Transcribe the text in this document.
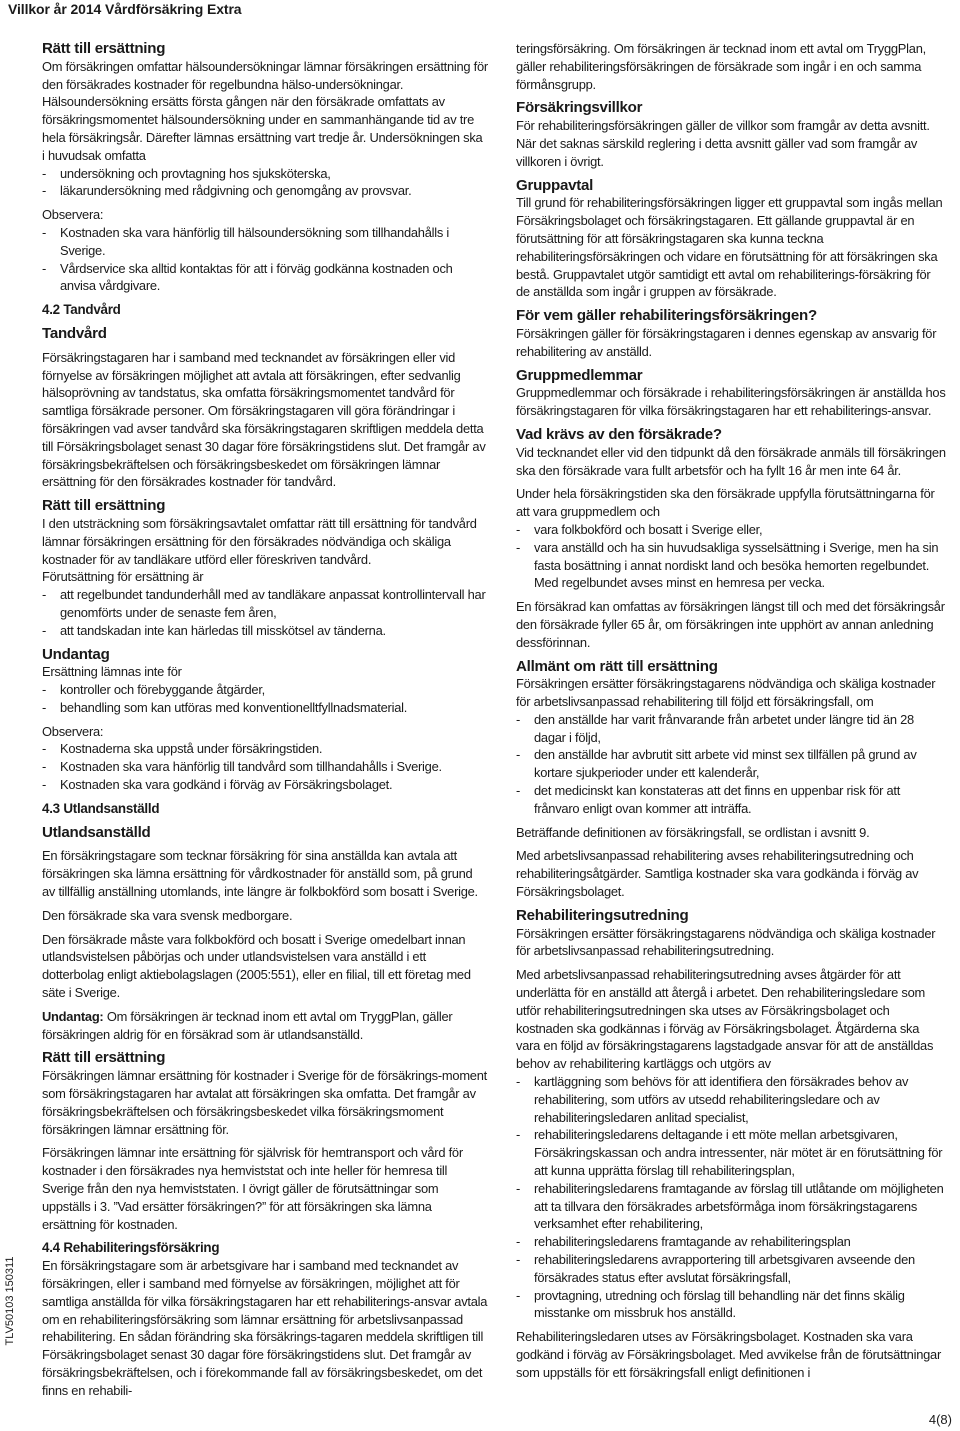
Villkor år 2014 Vårdförsäkring Extra
Rätt till ersättning

Om försäkringen omfattar hälsoundersökningar lämnar försäkringen ersättning för den försäkrades kostnader för regelbundna hälso-undersökningar. Hälsoundersökning ersätts första gången när den försäkrade omfattats av försäkringsmomentet hälsoundersökning under en sammanhängande tid av tre hela försäkringsår. Därefter lämnas ersättning vart tredje år. Undersökningen ska i huvudsak omfatta

- undersökning och provtagning hos sjuksköterska,
- läkarundersökning med rådgivning och genomgång av provsvar.

Observera:

- Kostnaden ska vara hänförlig till hälsoundersökning som tillhandahålls i Sverige.
- Vårdservice ska alltid kontaktas för att i förväg godkänna kostnaden och anvisa vårdgivare.
4.2 Tandvård
Tandvård

Försäkringstagaren har i samband med tecknandet av försäkringen eller vid förnyelse av försäkringen möjlighet att avtala att försäkringen, efter sedvanlig hälsoprövning av tandstatus, ska omfatta försäkringsmomentet tandvård för samtliga försäkrade personer. Om försäkringstagaren vill göra förändringar i försäkringen vad avser tandvård ska försäkringstagaren skriftligen meddela detta till Försäkringsbolaget senast 30 dagar före försäkringstidens slut. Det framgår av försäkringsbekräftelsen och försäkringsbeskedet om försäkringen lämnar ersättning för den försäkrades kostnader för tandvård.

Rätt till ersättning

I den utsträckning som försäkringsavtalet omfattar rätt till ersättning för tandvård lämnar försäkringen ersättning för den försäkrades nödvändiga och skäliga kostnader för av tandläkare utförd eller föreskriven tandvård.

Förutsättning för ersättning är

- att regelbundet tandunderhåll med av tandläkare anpassat kontrollintervall har genomförts under de senaste fem åren,
- att tandskadan inte kan härledas till misskötsel av tänderna.
Undantag

Ersättning lämnas inte för

- kontroller och förebyggande åtgärder,
- behandling som kan utföras med konventionelltfyllnadsmaterial.

Observera:

- Kostnaderna ska uppstå under försäkringstiden.
- Kostnaden ska vara hänförlig till tandvård som tillhandahålls i Sverige.
- Kostnaden ska vara godkänd i förväg av Försäkringsbolaget.
4.3 Utlandsanställd
Utlandsanställd

En försäkringstagare som tecknar försäkring för sina anställda kan avtala att försäkringen ska lämna ersättning för vårdkostnader för anställd som, på grund av tillfällig anställning utomlands, inte längre är folkbokförd som bosatt i Sverige.

Den försäkrade ska vara svensk medborgare.

Den försäkrade måste vara folkbokförd och bosatt i Sverige omedelbart innan utlandsvistelsen påbörjas och under utlandsvistelsen vara anställd i ett dotterbolag enligt aktiebolagslagen (2005:551), eller en filial, till ett företag med säte i Sverige.

Undantag: Om försäkringen är tecknad inom ett avtal om TryggPlan, gäller försäkringen aldrig för en försäkrad som är utlandsanställd.

Rätt till ersättning

Försäkringen lämnar ersättning för kostnader i Sverige för de försäkrings-moment som försäkringstagaren har avtalat att försäkringen ska omfatta. Det framgår av försäkringsbekräftelsen och försäkringsbeskedet vilka försäkringsmoment försäkringen lämnar ersättning för.

Försäkringen lämnar inte ersättning för självrisk för hemtransport och vård för kostnader i den försäkrades nya hemviststat och inte heller för hemresa till Sverige från den nya hemviststaten. I övrigt gäller de förutsättningar som uppställs i 3. ”Vad ersätter försäkringen?” för att försäkringen ska lämna ersättning för kostnaden.

4.4 Rehabiliteringsförsäkring

En försäkringstagare som är arbetsgivare har i samband med tecknandet av försäkringen, eller i samband med förnyelse av försäkringen, möjlighet att för samtliga anställda för vilka försäkringstagaren har ett rehabiliterings-ansvar avtala om en rehabiliteringsförsäkring som lämnar ersättning för arbetslivsanpassad rehabilitering. En sådan förändring ska försäkrings-tagaren meddela skriftligen till Försäkringsbolaget senast 30 dagar före försäkringstidens slut. Det framgår av försäkringsbekräftelsen, och i förekommande fall av försäkringsbeskedet, om det finns en rehabili-

teringsförsäkring. Om försäkringen är tecknad inom ett avtal om TryggPlan, gäller rehabiliteringsförsäkringen de försäkrade som ingår i en och samma förmånsgrupp.

Försäkringsvillkor

För rehabiliteringsförsäkringen gäller de villkor som framgår av detta avsnitt. När det saknas särskild reglering i detta avsnitt gäller vad som framgår av villkoren i övrigt.

Gruppavtal

Till grund för rehabiliteringsförsäkringen ligger ett gruppavtal som ingås mellan Försäkringsbolaget och försäkringstagaren. Ett gällande gruppavtal är en förutsättning för att försäkringstagaren ska kunna teckna rehabiliteringsförsäkringen och vidare en förutsättning för att försäkringen ska bestå. Gruppavtalet utgör samtidigt ett avtal om rehabiliterings-försäkring för de anställda som ingår i gruppen av försäkrade.

För vem gäller rehabiliteringsförsäkringen?

Försäkringen gäller för försäkringstagaren i dennes egenskap av ansvarig för rehabilitering av anställd.

Gruppmedlemmar

Gruppmedlemmar och försäkrade i rehabiliteringsförsäkringen är anställda hos försäkringstagaren för vilka försäkringstagaren har ett rehabiliterings-ansvar.

Vad krävs av den försäkrade?

Vid tecknandet eller vid den tidpunkt då den försäkrade anmäls till försäkringen ska den försäkrade vara fullt arbetsför och ha fyllt 16 år men inte 64 år.

Under hela försäkringstiden ska den försäkrade uppfylla förutsättningarna för att vara gruppmedlem och

- vara folkbokförd och bosatt i Sverige eller,
- vara anställd och ha sin huvudsakliga sysselsättning i Sverige, men ha sin fasta bosättning i annat nordiskt land och besöka hemorten regelbundet. Med regelbundet avses minst en hemresa per vecka.

En försäkrad kan omfattas av försäkringen längst till och med det försäkringsår den försäkrade fyller 65 år, om försäkringen inte upphört av annan anledning dessförinnan.

Allmänt om rätt till ersättning

Försäkringen ersätter försäkringstagarens nödvändiga och skäliga kostnader för arbetslivsanpassad rehabilitering till följd ett försäkringsfall, om

- den anställde har varit frånvarande från arbetet under längre tid än 28 dagar i följd,
- den anställde har avbrutit sitt arbete vid minst sex tillfällen på grund av kortare sjukperioder under ett kalenderår,
- det medicinskt kan konstateras att det finns en uppenbar risk för att frånvaro enligt ovan kommer att inträffa.

Beträffande definitionen av försäkringsfall, se ordlistan i avsnitt 9.

Med arbetslivsanpassad rehabilitering avses rehabiliteringsutredning och rehabiliteringsåtgärder. Samtliga kostnader ska vara godkända i förväg av Försäkringsbolaget.

Rehabiliteringsutredning

Försäkringen ersätter försäkringstagarens nödvändiga och skäliga kostnader för arbetslivsanpassad rehabiliteringsutredning.

Med arbetslivsanpassad rehabiliteringsutredning avses åtgärder för att underlätta för en anställd att återgå i arbetet. Den rehabiliteringsledare som utför rehabiliteringsutredningen ska utses av Försäkringsbolaget och kostnaden ska godkännas i förväg av Försäkringsbolaget. Åtgärderna ska vara en följd av försäkringstagarens lagstadgade ansvar för att de anställdas behov av rehabilitering kartläggs och utgörs av

- kartläggning som behövs för att identifiera den försäkrades behov av rehabilitering, som utförs av utsedd rehabiliteringsledare och av rehabiliteringsledaren anlitad specialist,
- rehabiliteringsledarens deltagande i ett möte mellan arbetsgivaren, Försäkringskassan och andra intressenter, när mötet är en förutsättning för att kunna upprätta förslag till rehabiliteringsplan,
- rehabiliteringsledarens framtagande av förslag till utlåtande om möjligheten att ta tillvara den försäkrades arbetsförmåga inom försäkringstagarens verksamhet efter rehabilitering,
- rehabiliteringsledarens framtagande av rehabiliteringsplan
- rehabiliteringsledarens avrapportering till arbetsgivaren avseende den försäkrades status efter avslutat försäkringsfall,
- provtagning, utredning och förslag till behandling när det finns skälig misstanke om missbruk hos anställd.

Rehabiliteringsledaren utses av Försäkringsbolaget. Kostnaden ska vara godkänd i förväg av Försäkringsbolaget. Med avvikelse från de förutsättningar som uppställs för ett försäkringsfall enligt definitionen i

TLV50103 150311
4(8)
